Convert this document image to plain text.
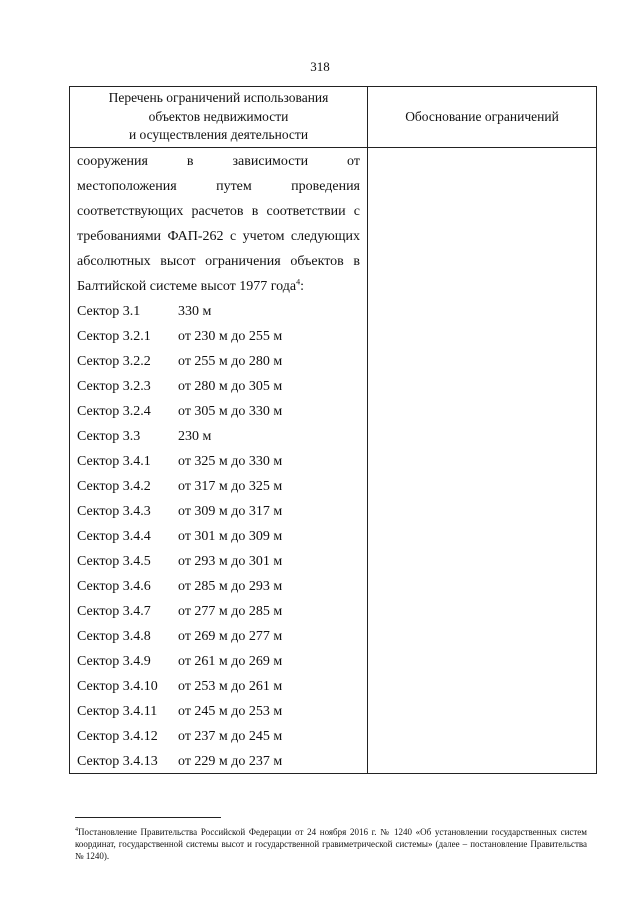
318
Перечень ограничений использования
объектов недвижимости
и осуществления деятельности
Обоснование ограничений
сооружения в зависимости от
местоположения путем проведения
соответствующих расчетов в соответствии с
требованиями ФАП-262 с учетом следующих
абсолютных высот ограничения объектов в
Балтийской системе высот 1977 года$^4$:
Сектор 3.1	330 м
Сектор 3.2.1	от 230 м до 255 м
Сектор 3.2.2	от 255 м до 280 м
Сектор 3.2.3	от 280 м до 305 м
Сектор 3.2.4	от 305 м до 330 м
Сектор 3.3	230 м
Сектор 3.4.1	от 325 м до 330 м
Сектор 3.4.2	от 317 м до 325 м
Сектор 3.4.3	от 309 м до 317 м
Сектор 3.4.4	от 301 м до 309 м
Сектор 3.4.5	от 293 м до 301 м
Сектор 3.4.6	от 285 м до 293 м
Сектор 3.4.7	от 277 м до 285 м
Сектор 3.4.8	от 269 м до 277 м
Сектор 3.4.9	от 261 м до 269 м
Сектор 3.4.10	от 253 м до 261 м
Сектор 3.4.11	от 245 м до 253 м
Сектор 3.4.12	от 237 м до 245 м
Сектор 3.4.13	от 229 м до 237 м
$^4$Постановление Правительства Российской Федерации от 24 ноября 2016 г. № 1240 «Об установлении государственных систем координат, государственной системы высот и государственной гравиметрической системы» (далее – постановление Правительства № 1240).
